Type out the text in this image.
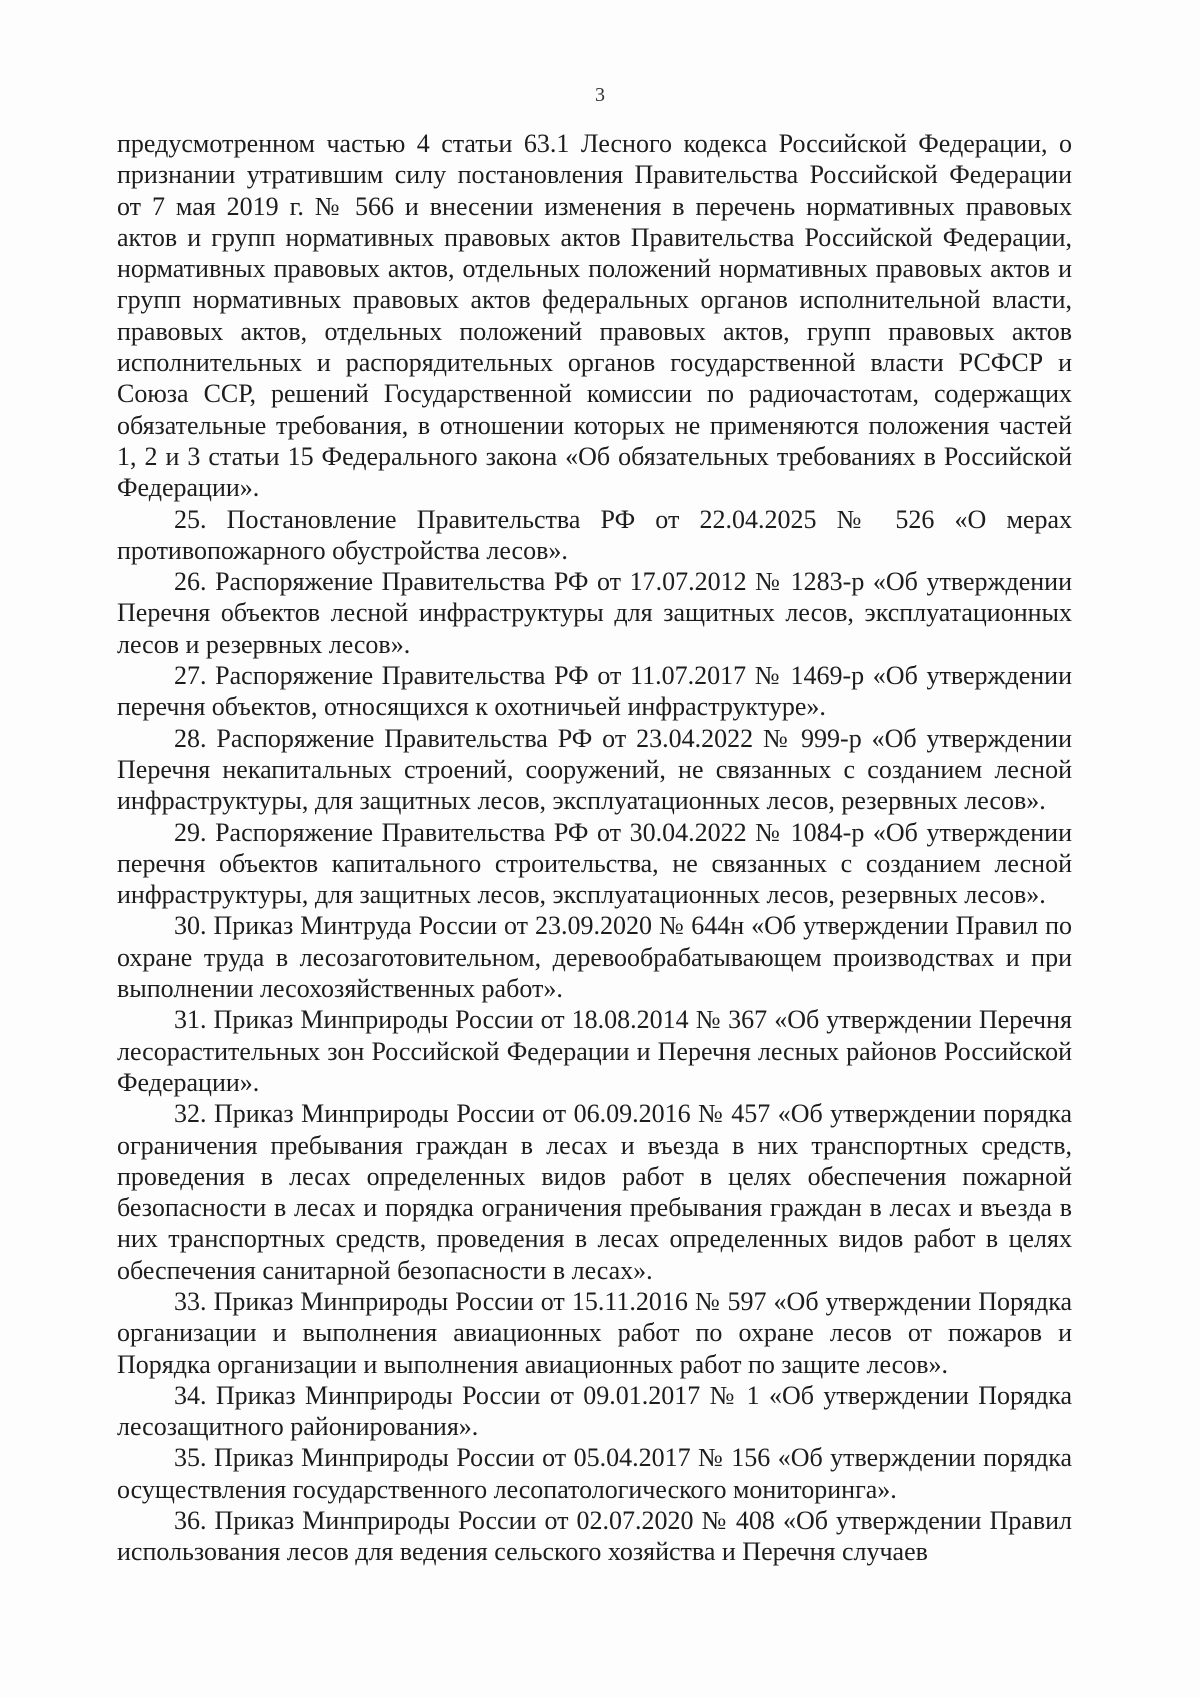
3

предусмотренном частью 4 статьи 63.1 Лесного кодекса Российской Федерации, о признании утратившим силу постановления Правительства Российской Федерации от 7 мая 2019 г. № 566 и внесении изменения в перечень нормативных правовых актов и групп нормативных правовых актов Правительства Российской Федерации, нормативных правовых актов, отдельных положений нормативных правовых актов и групп нормативных правовых актов федеральных органов исполнительной власти, правовых актов, отдельных положений правовых актов, групп правовых актов исполнительных и распорядительных органов государственной власти РСФСР и Союза ССР, решений Государственной комиссии по радиочастотам, содержащих обязательные требования, в отношении которых не применяются положения частей 1, 2 и 3 статьи 15 Федерального закона «Об обязательных требованиях в Российской Федерации».

25. Постановление Правительства РФ от 22.04.2025 № 526 «О мерах противопожарного обустройства лесов».

26. Распоряжение Правительства РФ от 17.07.2012 № 1283-р «Об утверждении Перечня объектов лесной инфраструктуры для защитных лесов, эксплуатационных лесов и резервных лесов».

27. Распоряжение Правительства РФ от 11.07.2017 № 1469-р «Об утверждении перечня объектов, относящихся к охотничьей инфраструктуре».

28. Распоряжение Правительства РФ от 23.04.2022 № 999-р «Об утверждении Перечня некапитальных строений, сооружений, не связанных с созданием лесной инфраструктуры, для защитных лесов, эксплуатационных лесов, резервных лесов».

29. Распоряжение Правительства РФ от 30.04.2022 № 1084-р «Об утверждении перечня объектов капитального строительства, не связанных с созданием лесной инфраструктуры, для защитных лесов, эксплуатационных лесов, резервных лесов».

30. Приказ Минтруда России от 23.09.2020 № 644н «Об утверждении Правил по охране труда в лесозаготовительном, деревообрабатывающем производствах и при выполнении лесохозяйственных работ».

31. Приказ Минприроды России от 18.08.2014 № 367 «Об утверждении Перечня лесорастительных зон Российской Федерации и Перечня лесных районов Российской Федерации».

32. Приказ Минприроды России от 06.09.2016 № 457 «Об утверждении порядка ограничения пребывания граждан в лесах и въезда в них транспортных средств, проведения в лесах определенных видов работ в целях обеспечения пожарной безопасности в лесах и порядка ограничения пребывания граждан в лесах и въезда в них транспортных средств, проведения в лесах определенных видов работ в целях обеспечения санитарной безопасности в лесах».

33. Приказ Минприроды России от 15.11.2016 № 597 «Об утверждении Порядка организации и выполнения авиационных работ по охране лесов от пожаров и Порядка организации и выполнения авиационных работ по защите лесов».

34. Приказ Минприроды России от 09.01.2017 № 1 «Об утверждении Порядка лесозащитного районирования».

35. Приказ Минприроды России от 05.04.2017 № 156 «Об утверждении порядка осуществления государственного лесопатологического мониторинга».

36. Приказ Минприроды России от 02.07.2020 № 408 «Об утверждении Правил использования лесов для ведения сельского хозяйства и Перечня случаев
